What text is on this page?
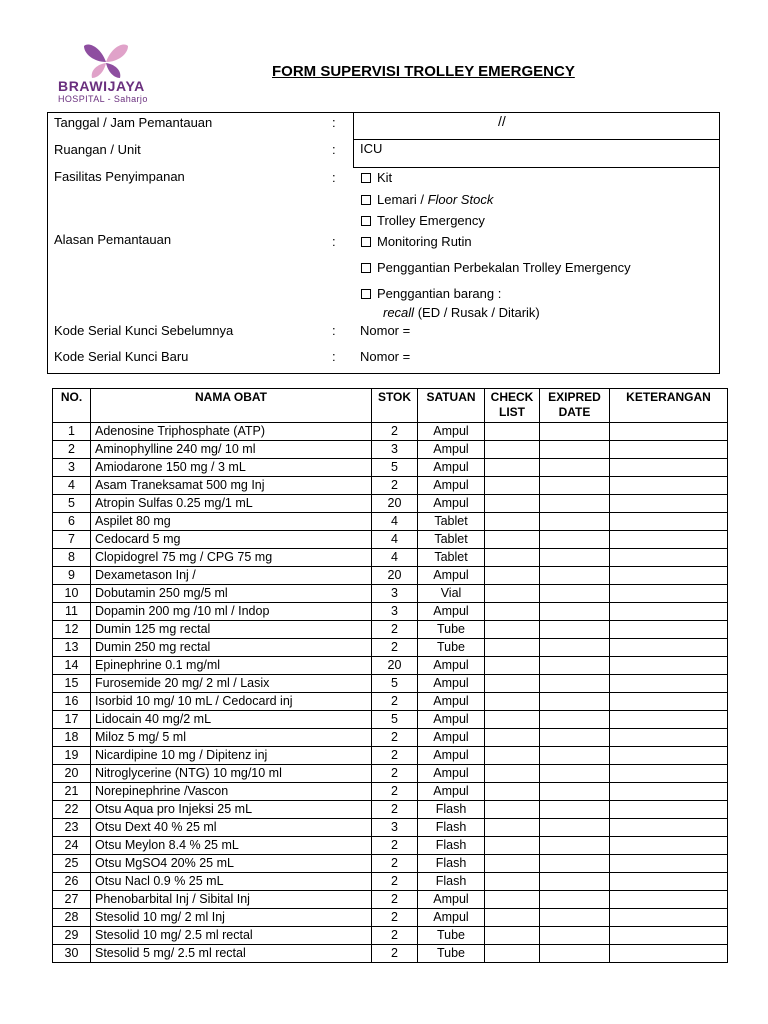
BRAWIJAYA
HOSPITAL - Saharjo
FORM SUPERVISI TROLLEY EMERGENCY
Tanggal / Jam Pemantauan	:	//
Ruangan / Unit	: ICU
Fasilitas Penyimpanan	:	Kit
Lemari / Floor Stock
Trolley Emergency
Alasan Pemantauan	:	Monitoring Rutin
Penggantian Perbekalan Trolley Emergency
Penggantian barang :
recall (ED / Rusak / Ditarik)
Kode Serial Kunci Sebelumnya	: Nomor =
Kode Serial Kunci Baru	: Nomor =
NO.	NAMA OBAT	STOK	SATUAN	CHECK LIST	EXIPRED DATE	KETERANGAN
1	Adenosine Triphosphate (ATP)	2	Ampul			
2	Aminophylline 240 mg/ 10 ml	3	Ampul			
3	Amiodarone 150 mg / 3 mL	5	Ampul			
4	Asam Traneksamat 500 mg Inj	2	Ampul			
5	Atropin Sulfas 0.25 mg/1 mL	20	Ampul			
6	Aspilet 80 mg	4	Tablet			
7	Cedocard 5 mg	4	Tablet			
8	Clopidogrel 75 mg / CPG 75 mg	4	Tablet			
9	Dexametason Inj /	20	Ampul			
10	Dobutamin 250 mg/5 ml	3	Vial			
11	Dopamin 200 mg /10 ml / Indop	3	Ampul			
12	Dumin 125 mg rectal	2	Tube			
13	Dumin 250 mg rectal	2	Tube			
14	Epinephrine 0.1 mg/ml	20	Ampul			
15	Furosemide 20 mg/ 2 ml / Lasix	5	Ampul			
16	Isorbid 10 mg/ 10 mL / Cedocard inj	2	Ampul			
17	Lidocain 40 mg/2 mL	5	Ampul			
18	Miloz 5 mg/ 5 ml	2	Ampul			
19	Nicardipine 10 mg / Dipitenz inj	2	Ampul			
20	Nitroglycerine (NTG) 10 mg/10 ml	2	Ampul			
21	Norepinephrine /Vascon	2	Ampul			
22	Otsu Aqua pro Injeksi 25 mL	2	Flash			
23	Otsu Dext 40 % 25 ml	3	Flash			
24	Otsu Meylon 8.4 % 25 mL	2	Flash			
25	Otsu MgSO4 20% 25 mL	2	Flash			
26	Otsu Nacl 0.9 % 25 mL	2	Flash			
27	Phenobarbital Inj / Sibital Inj	2	Ampul			
28	Stesolid 10 mg/ 2 ml Inj	2	Ampul			
29	Stesolid 10 mg/ 2.5 ml rectal	2	Tube			
30	Stesolid 5 mg/ 2.5 ml rectal	2	Tube			
